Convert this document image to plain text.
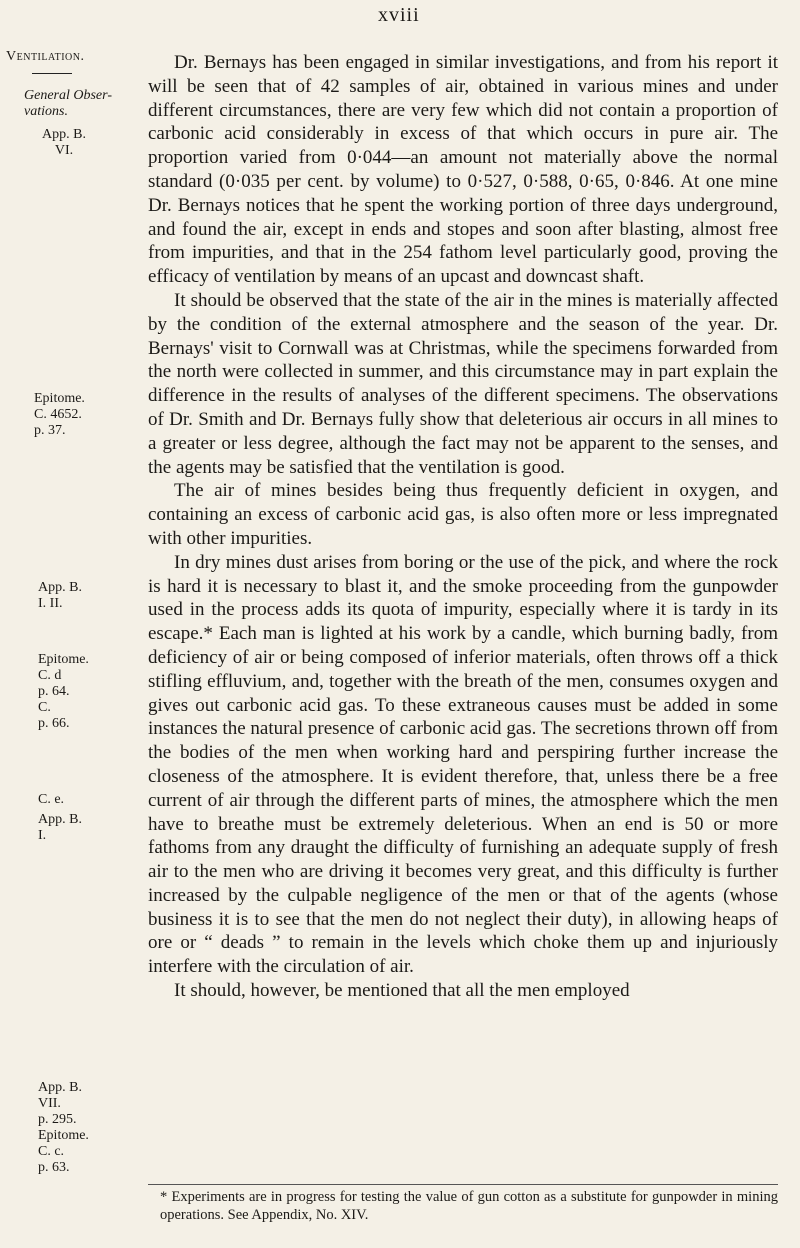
xviii
Ventilation.
General Obser-
vations.
App. B.
VI.
Epitome.
C. 4652.
p. 37.
App. B.
I. II.
Epitome.
C. d
p. 64.
C.
p. 66.
C. e.
App. B.
I.
App. B.
VII.
p. 295.
Epitome.
C. c.
p. 63.

Dr. Bernays has been engaged in similar investigations, and from his report it will be seen that of 42 samples of air, obtained in various mines and under different circumstances, there are very few which did not contain a proportion of carbonic acid considerably in excess of that which occurs in pure air. The proportion varied from 0·044—an amount not materially above the normal standard (0·035 per cent. by volume) to 0·527, 0·588, 0·65, 0·846. At one mine Dr. Bernays notices that he spent the working portion of three days underground, and found the air, except in ends and stopes and soon after blasting, almost free from impurities, and that in the 254 fathom level particularly good, proving the efficacy of ventilation by means of an upcast and downcast shaft.

It should be observed that the state of the air in the mines is materially affected by the condition of the external atmosphere and the season of the year. Dr. Bernays' visit to Cornwall was at Christmas, while the specimens forwarded from the north were collected in summer, and this circumstance may in part explain the difference in the results of analyses of the different specimens. The observations of Dr. Smith and Dr. Bernays fully show that deleterious air occurs in all mines to a greater or less degree, although the fact may not be apparent to the senses, and the agents may be satisfied that the ventilation is good.

The air of mines besides being thus frequently deficient in oxygen, and containing an excess of carbonic acid gas, is also often more or less impregnated with other impurities.

In dry mines dust arises from boring or the use of the pick, and where the rock is hard it is necessary to blast it, and the smoke proceeding from the gunpowder used in the process adds its quota of impurity, especially where it is tardy in its escape.* Each man is lighted at his work by a candle, which burning badly, from deficiency of air or being composed of inferior materials, often throws off a thick stifling effluvium, and, together with the breath of the men, consumes oxygen and gives out carbonic acid gas. To these extraneous causes must be added in some instances the natural presence of carbonic acid gas. The secretions thrown off from the bodies of the men when working hard and perspiring further increase the closeness of the atmosphere. It is evident therefore, that, unless there be a free current of air through the different parts of mines, the atmosphere which the men have to breathe must be extremely deleterious. When an end is 50 or more fathoms from any draught the difficulty of furnishing an adequate supply of fresh air to the men who are driving it becomes very great, and this difficulty is further increased by the culpable negligence of the men or that of the agents (whose business it is to see that the men do not neglect their duty), in allowing heaps of ore or “ deads ” to remain in the levels which choke them up and injuriously interfere with the circulation of air.

It should, however, be mentioned that all the men employed

* Experiments are in progress for testing the value of gun cotton as a substitute for gunpowder in mining operations. See Appendix, No. XIV.
